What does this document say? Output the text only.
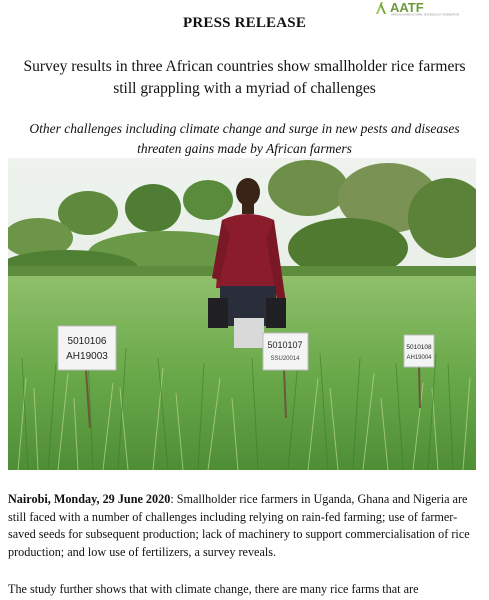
AATF
AFRICAN AGRICULTURAL TECHNOLOGY FOUNDATION
PRESS RELEASE
Survey results in three African countries show smallholder rice farmers still grappling with a myriad of challenges
Other challenges including climate change and surge in new pests and diseases threaten gains made by African farmers
5010106
AH19003
5010107
SSU20014
5010108
AH19004

Nairobi, Monday, 29 June 2020: Smallholder rice farmers in Uganda, Ghana and Nigeria are still faced with a number of challenges including relying on rain-fed farming; use of farmer-saved seeds for subsequent production; lack of machinery to support commercialisation of rice production; and low use of fertilizers, a survey reveals.

The study further shows that with climate change, there are many rice farms that are
